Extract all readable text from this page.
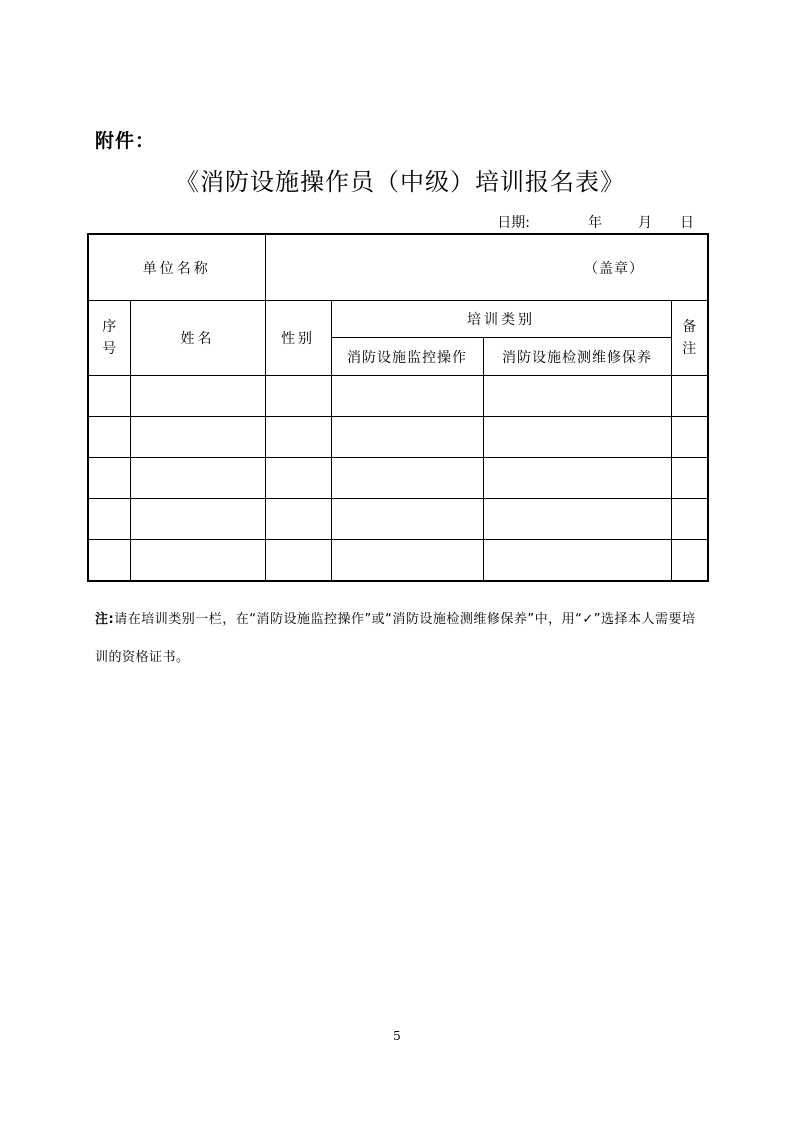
附件：
《消防设施操作员（中级）培训报名表》
日期:	年	月 日
单位名称		（盖章）			

序号	姓名	性别	培训类别		备注

			消防设施监控操作	消防设施检测维修保养	

注:请在培训类别一栏，在“消防设施监控操作”或“消防设施检测维修保养”中，用“✓”选择本人需要培训的资格证书。
5
